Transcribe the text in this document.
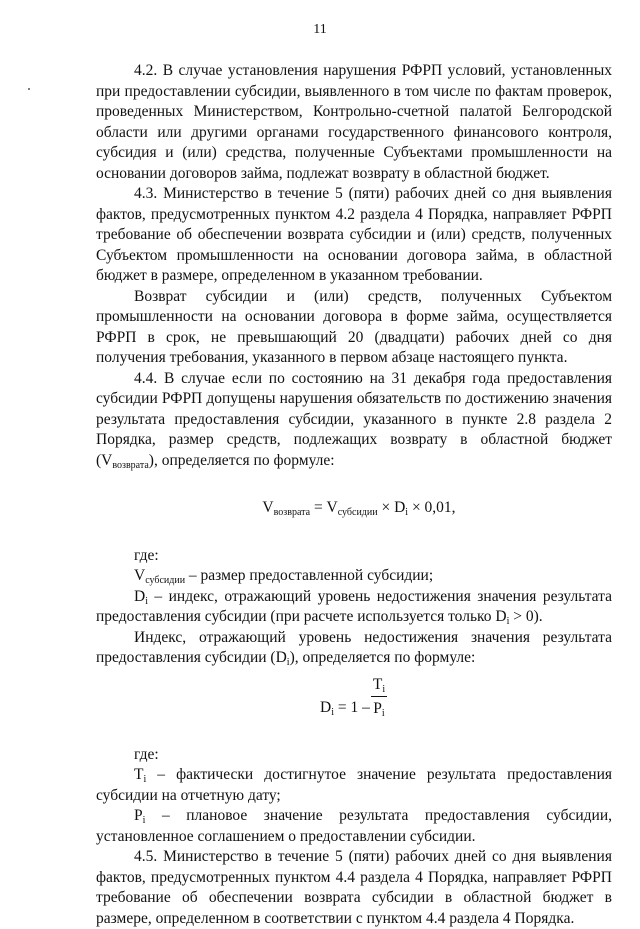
11

4.2. В случае установления нарушения РФРП условий, установленных при предоставлении субсидии, выявленного в том числе по фактам проверок, проведенных Министерством, Контрольно-счетной палатой Белгородской области или другими органами государственного финансового контроля, субсидия и (или) средства, полученные Субъектами промышленности на основании договоров займа, подлежат возврату в областной бюджет.

4.3. Министерство в течение 5 (пяти) рабочих дней со дня выявления фактов, предусмотренных пунктом 4.2 раздела 4 Порядка, направляет РФРП требование об обеспечении возврата субсидии и (или) средств, полученных Субъектом промышленности на основании договора займа, в областной бюджет в размере, определенном в указанном требовании.

Возврат субсидии и (или) средств, полученных Субъектом промышленности на основании договора в форме займа, осуществляется РФРП в срок, не превышающий 20 (двадцати) рабочих дней со дня получения требования, указанного в первом абзаце настоящего пункта.

4.4. В случае если по состоянию на 31 декабря года предоставления субсидии РФРП допущены нарушения обязательств по достижению значения результата предоставления субсидии, указанного в пункте 2.8 раздела 2 Порядка, размер средств, подлежащих возврату в областной бюджет $(V_{возврата})$, определяется по формуле:

$V_{возврата} = V_{субсидии} \times D_i \times 0,01$,

где:

$V_{субсидии}$ – размер предоставленной субсидии;

$D_i$ – индекс, отражающий уровень недостижения значения результата предоставления субсидии (при расчете используется только $D_i > 0$).

Индекс, отражающий уровень недостижения значения результата предоставления субсидии $(D_i)$, определяется по формуле:

$D_i = 1$ –
$T_i$
$P_i$

где:

$T_i$ – фактически достигнутое значение результата предоставления субсидии на отчетную дату;

$P_i$ – плановое значение результата предоставления субсидии, установленное соглашением о предоставлении субсидии.

4.5. Министерство в течение 5 (пяти) рабочих дней со дня выявления фактов, предусмотренных пунктом 4.4 раздела 4 Порядка, направляет РФРП требование об обеспечении возврата субсидии в областной бюджет в размере, определенном в соответствии с пунктом 4.4 раздела 4 Порядка.
